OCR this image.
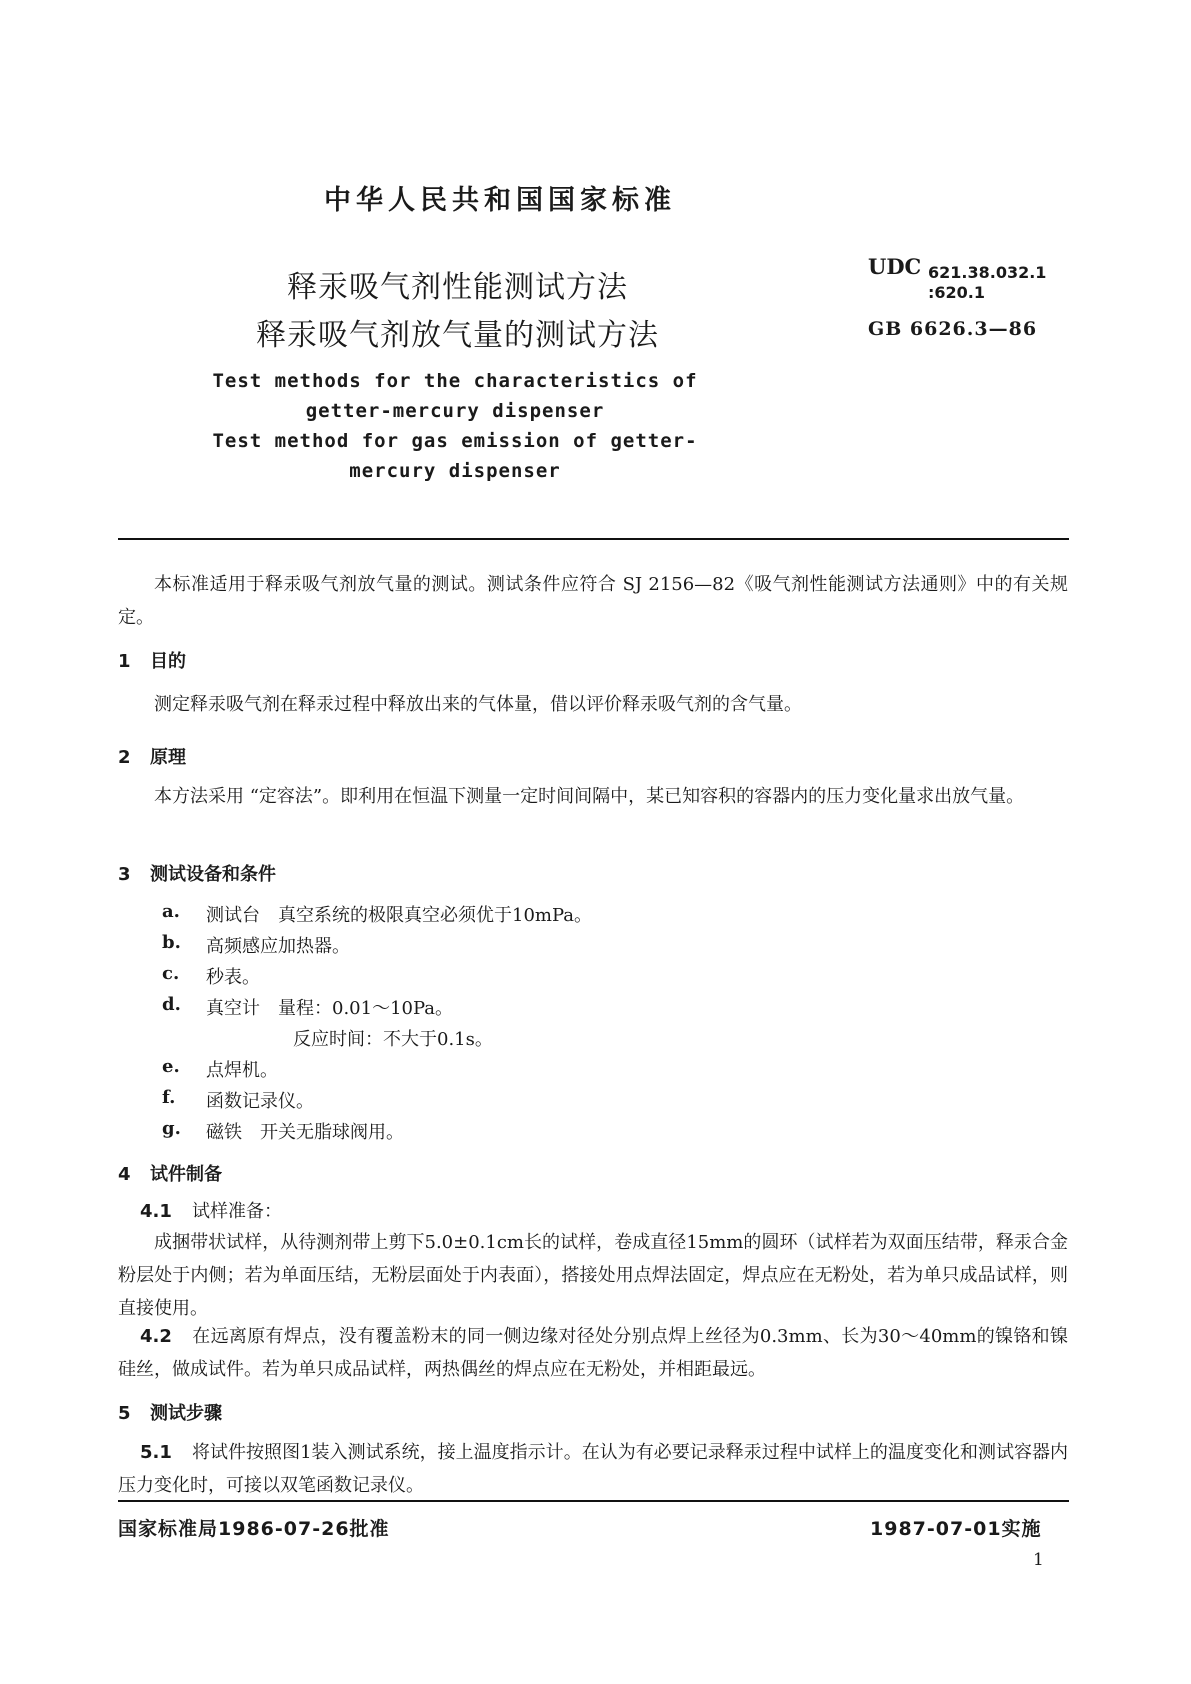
中华人民共和国国家标准
释汞吸气剂性能测试方法
释汞吸气剂放气量的测试方法
Test methods for the characteristics of
getter-mercury dispenser
Test method for gas emission of getter-
mercury dispenser
UDC 621.38.032.1
:620.1
GB 6626.3—86
本标准适用于释汞吸气剂放气量的测试。测试条件应符合 SJ 2156—82《吸气剂性能测试方法通则》中的有关规定。
1 目的
测定释汞吸气剂在释汞过程中释放出来的气体量，借以评价释汞吸气剂的含气量。
2 原理
本方法采用 “定容法”。即利用在恒温下测量一定时间间隔中，某已知容积的容器内的压力变化量求出放气量。
3 测试设备和条件
a. 测试台　真空系统的极限真空必须优于10mPa。
b. 高频感应加热器。
c. 秒表。
d. 真空计　量程：0.01～10Pa。
反应时间：不大于0.1s。
e. 点焊机。
f. 函数记录仪。
g. 磁铁　开关无脂球阀用。
4 试件制备
4.1 试样准备：
成捆带状试样，从待测剂带上剪下5.0±0.1cm长的试样，卷成直径15mm的圆环（试样若为双面压结带，释汞合金粉层处于内侧；若为单面压结，无粉层面处于内表面），搭接处用点焊法固定，焊点应在无粉处，若为单只成品试样，则直接使用。
4.2 在远离原有焊点，没有覆盖粉末的同一侧边缘对径处分别点焊上丝径为0.3mm、长为30～40mm的镍铬和镍硅丝，做成试件。若为单只成品试样，两热偶丝的焊点应在无粉处，并相距最远。
5 测试步骤
5.1 将试件按照图1装入测试系统，接上温度指示计。在认为有必要记录释汞过程中试样上的温度变化和测试容器内压力变化时，可接以双笔函数记录仪。
国家标准局1986-07-26批准	1987-07-01实施
1
